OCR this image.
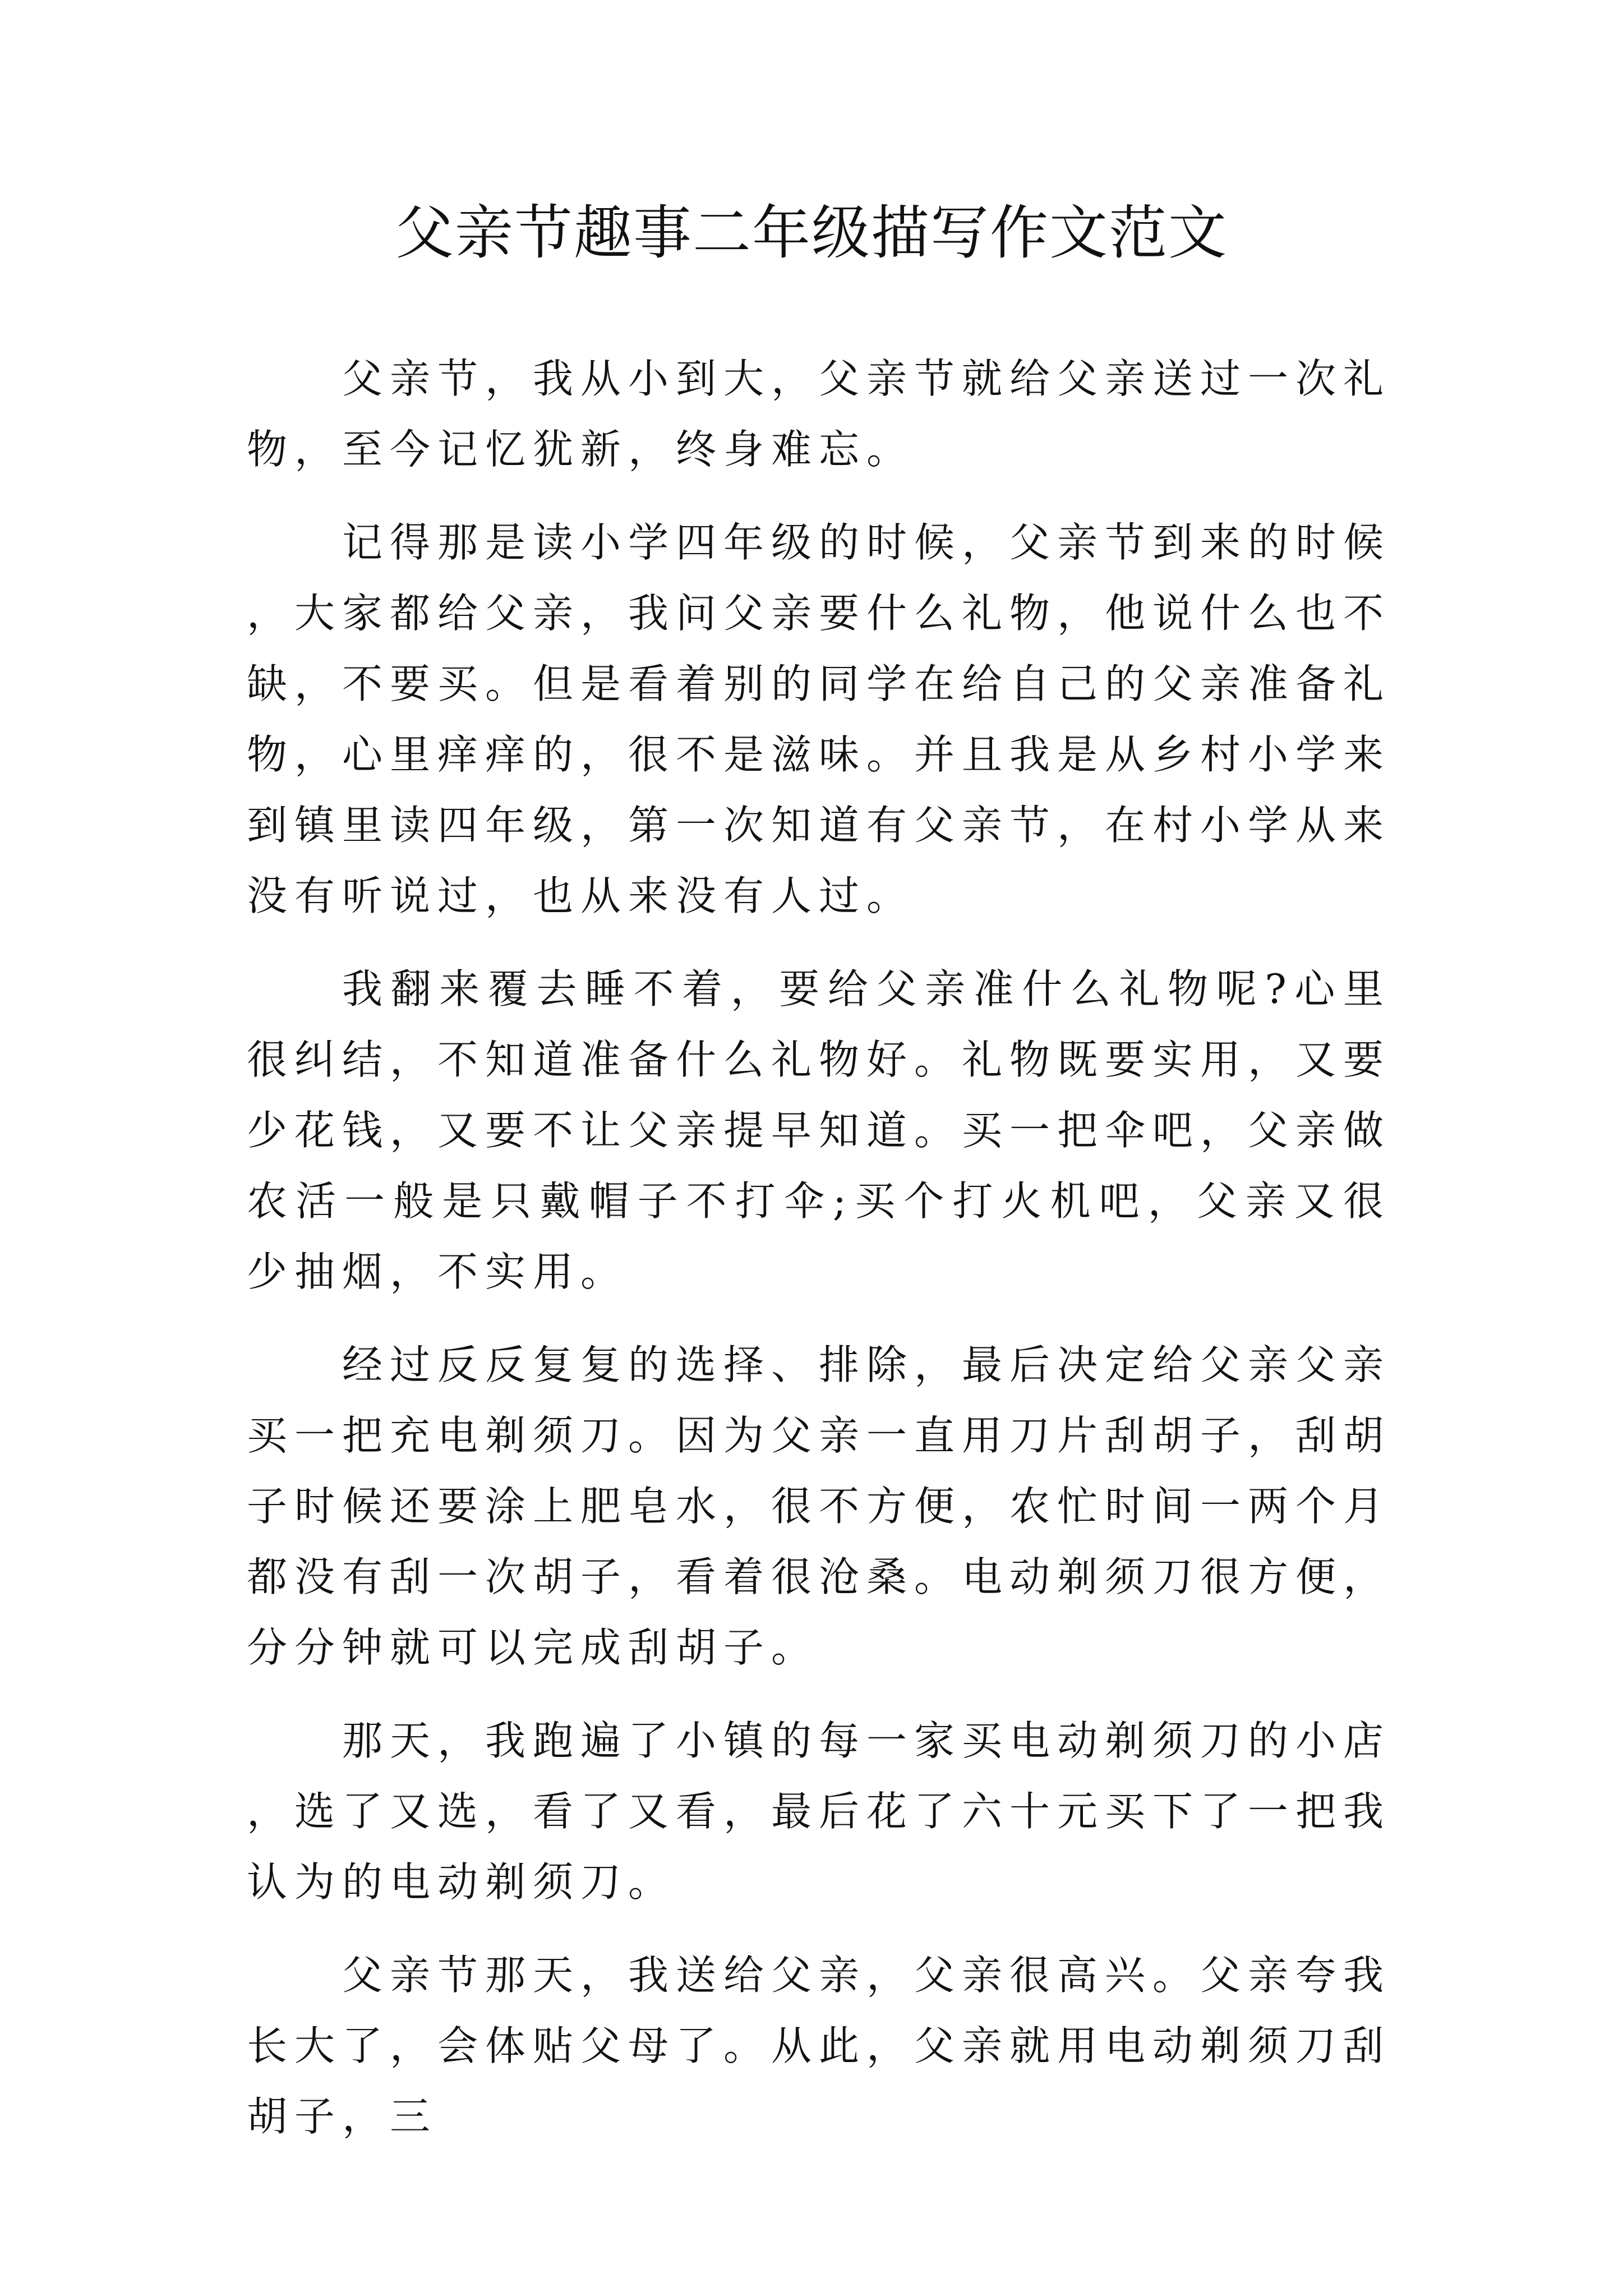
父亲节趣事二年级描写作文范文

父亲节，我从小到大，父亲节就给父亲送过一次礼物，至今记忆犹新，终身难忘。

记得那是读小学四年级的时候，父亲节到来的时候，大家都给父亲，我问父亲要什么礼物，他说什么也不缺，不要买。但是看着别的同学在给自己的父亲准备礼物，心里痒痒的，很不是滋味。并且我是从乡村小学来到镇里读四年级，第一次知道有父亲节，在村小学从来没有听说过，也从来没有人过。

我翻来覆去睡不着，要给父亲准什么礼物呢?心里很纠结，不知道准备什么礼物好。礼物既要实用，又要少花钱，又要不让父亲提早知道。买一把伞吧，父亲做农活一般是只戴帽子不打伞;买个打火机吧，父亲又很少抽烟，不实用。

经过反反复复的选择、排除，最后决定给父亲父亲买一把充电剃须刀。因为父亲一直用刀片刮胡子，刮胡子时候还要涂上肥皂水，很不方便，农忙时间一两个月都没有刮一次胡子，看着很沧桑。电动剃须刀很方便，分分钟就可以完成刮胡子。

那天，我跑遍了小镇的每一家买电动剃须刀的小店，选了又选，看了又看，最后花了六十元买下了一把我认为的电动剃须刀。

父亲节那天，我送给父亲，父亲很高兴。父亲夸我长大了，会体贴父母了。从此，父亲就用电动剃须刀刮胡子，三
